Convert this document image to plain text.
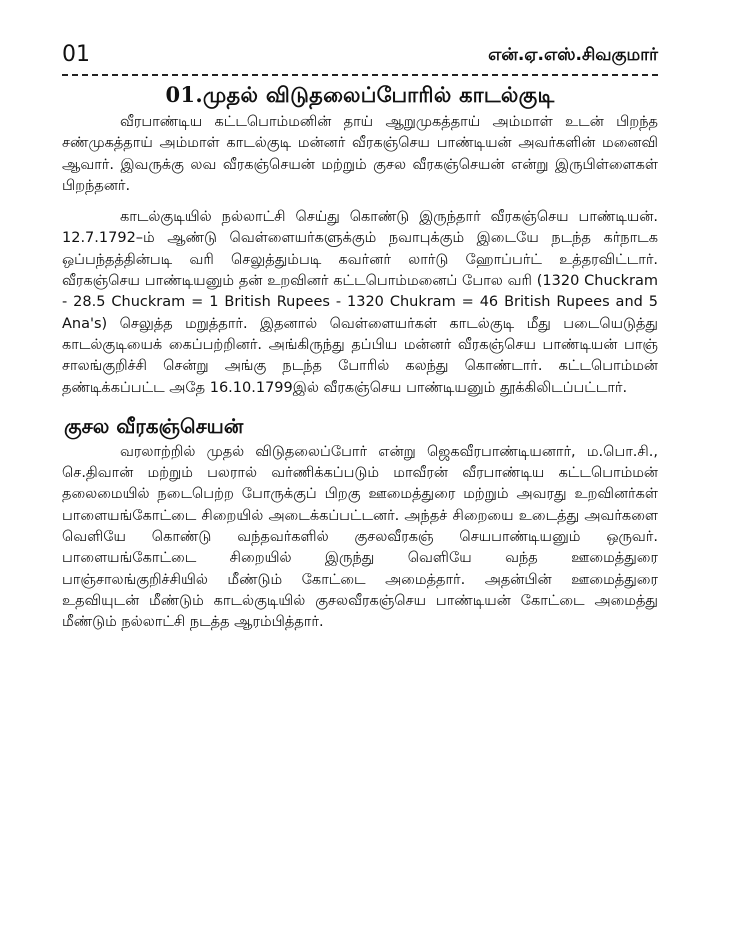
01	என்.ஏ.எஸ்.சிவகுமார்
01.முதல் விடுதலைப்போரில் காடல்குடி

வீரபாண்டிய கட்டபொம்மனின் தாய் ஆறுமுகத்தாய் அம்மாள் உடன் பிறந்த சண்முகத்தாய் அம்மாள் காடல்குடி மன்னர் வீரகஞ்செய பாண்டியன் அவர்களின் மனைவி ஆவார். இவருக்கு லவ வீரகஞ்செயன் மற்றும் குசல வீரகஞ்செயன் என்று இருபிள்ளைகள் பிறந்தனர்.

காடல்குடியில் நல்லாட்சி செய்து கொண்டு இருந்தார் வீரகஞ்செய பாண்டியன். 12.7.1792–ம் ஆண்டு வெள்ளையர்களுக்கும் நவாபுக்கும் இடையே நடந்த கர்நாடக ஒப்பந்தத்தின்படி வரி செலுத்தும்படி கவர்னர் லார்டு ஹோப்பர்ட் உத்தரவிட்டார். வீரகஞ்செய பாண்டியனும் தன் உறவினர் கட்டபொம்மனைப் போல வரி (1320 Chuckram - 28.5 Chuckram = 1 British Rupees - 1320 Chukram = 46 British Rupees and 5 Ana's) செலுத்த மறுத்தார். இதனால் வெள்ளையர்கள் காடல்குடி மீது படையெடுத்து காடல்குடியைக் கைப்பற்றினர். அங்கிருந்து தப்பிய மன்னர் வீரகஞ்செய பாண்டியன் பாஞ் சாலங்குறிச்சி சென்று அங்கு நடந்த போரில் கலந்து கொண்டார். கட்டபொம்மன் தண்டிக்கப்பட்ட அதே 16.10.1799இல் வீரகஞ்செய பாண்டியனும் தூக்கிலிடப்பட்டார்.

குசல வீரகஞ்செயன்

வரலாற்றில் முதல் விடுதலைப்போர் என்று ஜெகவீரபாண்டியனார், ம.பொ.சி., செ.திவான் மற்றும் பலரால் வர்ணிக்கப்படும் மாவீரன் வீரபாண்டிய கட்டபொம்மன் தலைமையில் நடைபெற்ற போருக்குப் பிறகு ஊமைத்துரை மற்றும் அவரது உறவினர்கள் பாளையங்கோட்டை சிறையில் அடைக்கப்பட்டனர். அந்தச் சிறையை உடைத்து அவர்களை வெளியே கொண்டு வந்தவர்களில் குசலவீரகஞ் செயபாண்டியனும் ஒருவர். பாளையங்கோட்டை சிறையில் இருந்து வெளியே வந்த ஊமைத்துரை பாஞ்சாலங்குறிச்சியில் மீண்டும் கோட்டை அமைத்தார். அதன்பின் ஊமைத்துரை உதவியுடன் மீண்டும் காடல்குடியில் குசலவீரகஞ்செய பாண்டியன் கோட்டை அமைத்து மீண்டும் நல்லாட்சி நடத்த ஆரம்பித்தார்.
